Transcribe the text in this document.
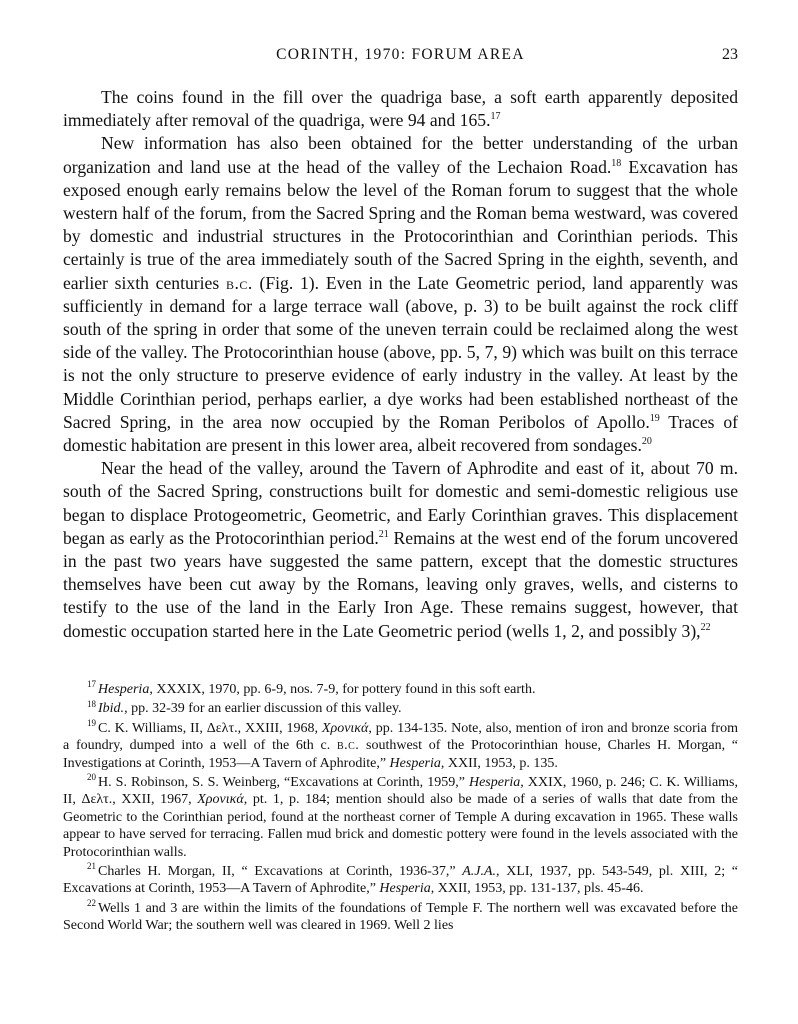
CORINTH, 1970: FORUM AREA	23

The coins found in the fill over the quadriga base, a soft earth apparently deposited immediately after removal of the quadriga, were 94 and 165.17

New information has also been obtained for the better understanding of the urban organization and land use at the head of the valley of the Lechaion Road.$^{18}$ Excavation has exposed enough early remains below the level of the Roman forum to suggest that the whole western half of the forum, from the Sacred Spring and the Roman bema westward, was covered by domestic and industrial structures in the Protocorinthian and Corinthian periods. This certainly is true of the area immediately south of the Sacred Spring in the eighth, seventh, and earlier sixth centuries b.c. (Fig. 1). Even in the Late Geometric period, land apparently was sufficiently in demand for a large terrace wall (above, p. 3) to be built against the rock cliff south of the spring in order that some of the uneven terrain could be reclaimed along the west side of the valley. The Protocorinthian house (above, pp. 5, 7, 9) which was built on this terrace is not the only structure to preserve evidence of early industry in the valley. At least by the Middle Corinthian period, perhaps earlier, a dye works had been established northeast of the Sacred Spring, in the area now occupied by the Roman Peribolos of Apollo.$^{19}$ Traces of domestic habitation are present in this lower area, albeit recovered from sondages.$^{20}$

Near the head of the valley, around the Tavern of Aphrodite and east of it, about 70 m. south of the Sacred Spring, constructions built for domestic and semi-domestic religious use began to displace Protogeometric, Geometric, and Early Corinthian graves. This displacement began as early as the Protocorinthian period.$^{21}$ Remains at the west end of the forum uncovered in the past two years have suggested the same pattern, except that the domestic structures themselves have been cut away by the Romans, leaving only graves, wells, and cisterns to testify to the use of the land in the Early Iron Age. These remains suggest, however, that domestic occupation started here in the Late Geometric period (wells 1, 2, and possibly 3),$^{22}$

$^{17}$ Hesperia, XXXIX, 1970, pp. 6-9, nos. 7-9, for pottery found in this soft earth.

$^{18}$ Ibid., pp. 32-39 for an earlier discussion of this valley.

$^{19}$ C. K. Williams, II, Δελτ., XXIII, 1968, Χρονικά, pp. 134-135. Note, also, mention of iron and bronze scoria from a foundry, dumped into a well of the 6th c. b.c. southwest of the Protocorinthian house, Charles H. Morgan, “ Investigations at Corinth, 1953—A Tavern of Aphrodite,” Hesperia, XXII, 1953, p. 135.

$^{20}$ H. S. Robinson, S. S. Weinberg, “Excavations at Corinth, 1959,” Hesperia, XXIX, 1960, p. 246; C. K. Williams, II, Δελτ., XXII, 1967, Χρονικά, pt. 1, p. 184; mention should also be made of a series of walls that date from the Geometric to the Corinthian period, found at the northeast corner of Temple A during excavation in 1965. These walls appear to have served for terracing. Fallen mud brick and domestic pottery were found in the levels associated with the Protocorinthian walls.

$^{21}$ Charles H. Morgan, II, “ Excavations at Corinth, 1936-37,” A.J.A., XLI, 1937, pp. 543-549, pl. XIII, 2; “ Excavations at Corinth, 1953—A Tavern of Aphrodite,” Hesperia, XXII, 1953, pp. 131-137, pls. 45-46.

$^{22}$ Wells 1 and 3 are within the limits of the foundations of Temple F. The northern well was excavated before the Second World War; the southern well was cleared in 1969. Well 2 lies
